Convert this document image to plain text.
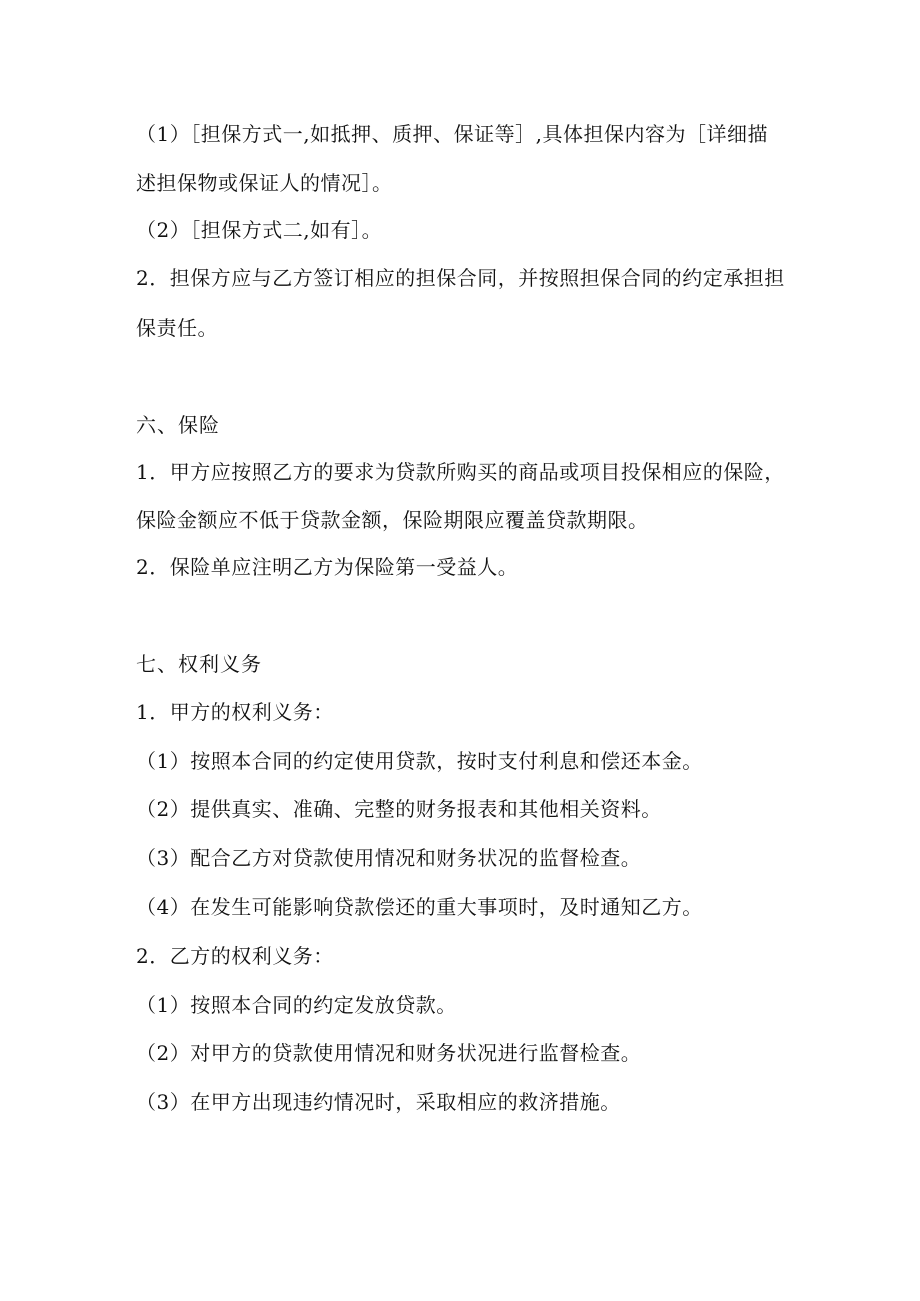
（1）［担保方式一,如抵押、质押、保证等］,具体担保内容为［详细描
述担保物或保证人的情况］。
（2）［担保方式二,如有］。
2．担保方应与乙方签订相应的担保合同，并按照担保合同的约定承担担
保责任。
六、保险
1．甲方应按照乙方的要求为贷款所购买的商品或项目投保相应的保险，
保险金额应不低于贷款金额，保险期限应覆盖贷款期限。
2．保险单应注明乙方为保险第一受益人。
七、权利义务
1．甲方的权利义务：
（1）按照本合同的约定使用贷款，按时支付利息和偿还本金。
（2）提供真实、准确、完整的财务报表和其他相关资料。
（3）配合乙方对贷款使用情况和财务状况的监督检查。
（4）在发生可能影响贷款偿还的重大事项时，及时通知乙方。
2．乙方的权利义务：
（1）按照本合同的约定发放贷款。
（2）对甲方的贷款使用情况和财务状况进行监督检查。
（3）在甲方出现违约情况时，采取相应的救济措施。
